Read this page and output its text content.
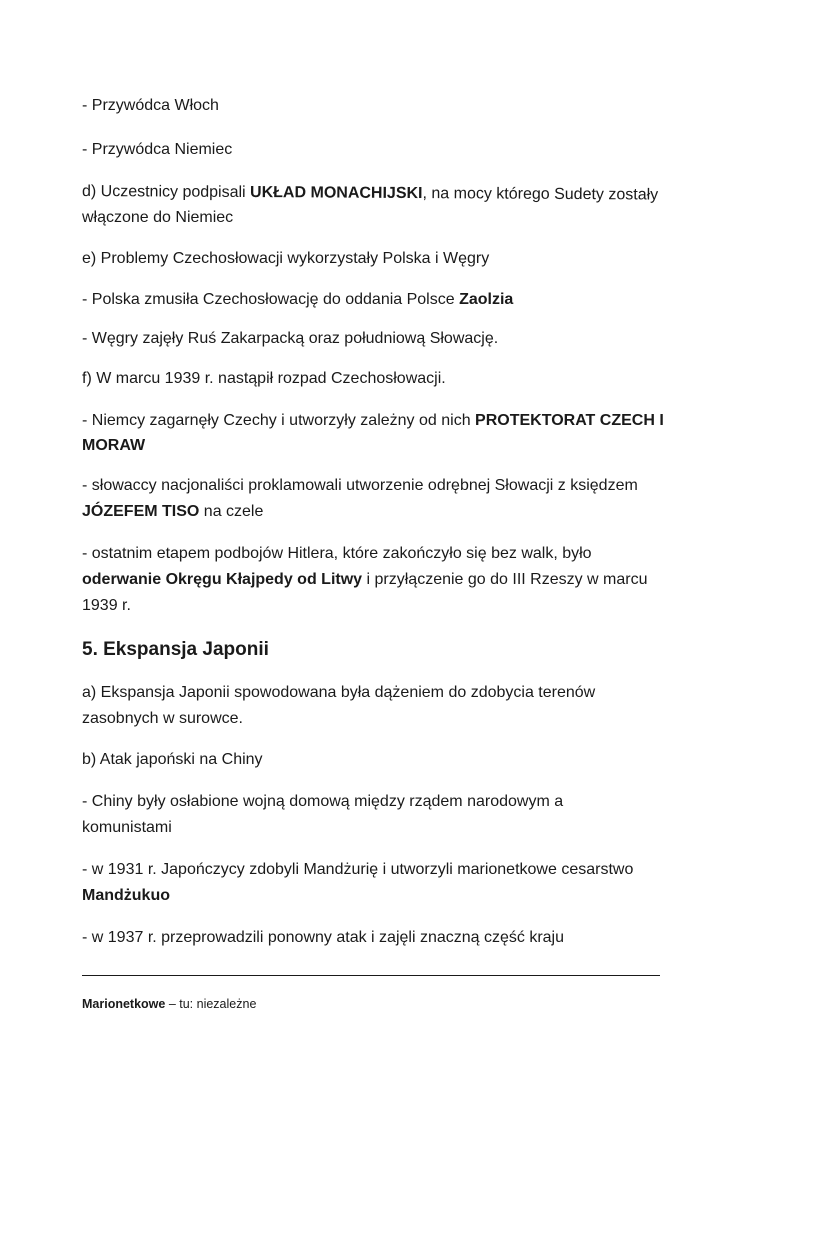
- Przywódca Włoch

- Przywódca Niemiec

d) Uczestnicy podpisali UKŁAD MONACHIJSKI, na mocy którego Sudety zostały

włączone do Niemiec

e) Problemy Czechosłowacji wykorzystały Polska i Węgry

- Polska zmusiła Czechosłowację do oddania Polsce Zaolzia

- Węgry zajęły Ruś Zakarpacką oraz południową Słowację.

f) W marcu 1939 r. nastąpił rozpad Czechosłowacji.

- Niemcy zagarnęły Czechy i utworzyły zależny od nich PROTEKTORAT CZECH I

MORAW

- słowaccy nacjonaliści proklamowali utworzenie odrębnej Słowacji z księdzem

JÓZEFEM TISO na czele

- ostatnim etapem podbojów Hitlera, które zakończyło się bez walk, było

oderwanie Okręgu Kłajpedy od Litwy i przyłączenie go do III Rzeszy w marcu

1939 r.

5. Ekspansja Japonii

a) Ekspansja Japonii spowodowana była dążeniem do zdobycia terenów

zasobnych w surowce.

b) Atak japoński na Chiny

- Chiny były osłabione wojną domową między rządem narodowym a

komunistami

- w 1931 r. Japończycy zdobyli Mandżurię i utworzyli marionetkowe cesarstwo

Mandżukuo

- w 1937 r. przeprowadzili ponowny atak i zajęli znaczną część kraju

Marionetkowe – tu: niezależne
